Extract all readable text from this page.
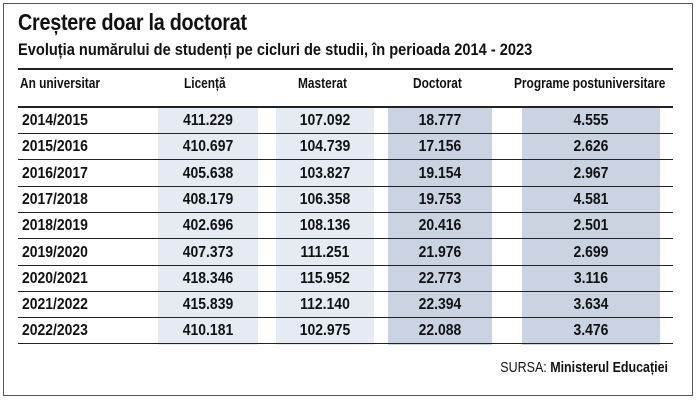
Creștere doar la doctorat
Evoluția numărului de studenți pe cicluri de studii, în perioada 2014 - 2023
An universitar	Licență	Masterat	Doctorat	Programe postuniversitare
2014/2015	411.229	107.092	18.777	4.555
2015/2016	410.697	104.739	17.156	2.626
2016/2017	405.638	103.827	19.154	2.967
2017/2018	408.179	106.358	19.753	4.581
2018/2019	402.696	108.136	20.416	2.501
2019/2020	407.373	111.251	21.976	2.699
2020/2021	418.346	115.952	22.773	3.116
2021/2022	415.839	112.140	22.394	3.634
2022/2023	410.181	102.975	22.088	3.476
SURSA: Ministerul Educației
